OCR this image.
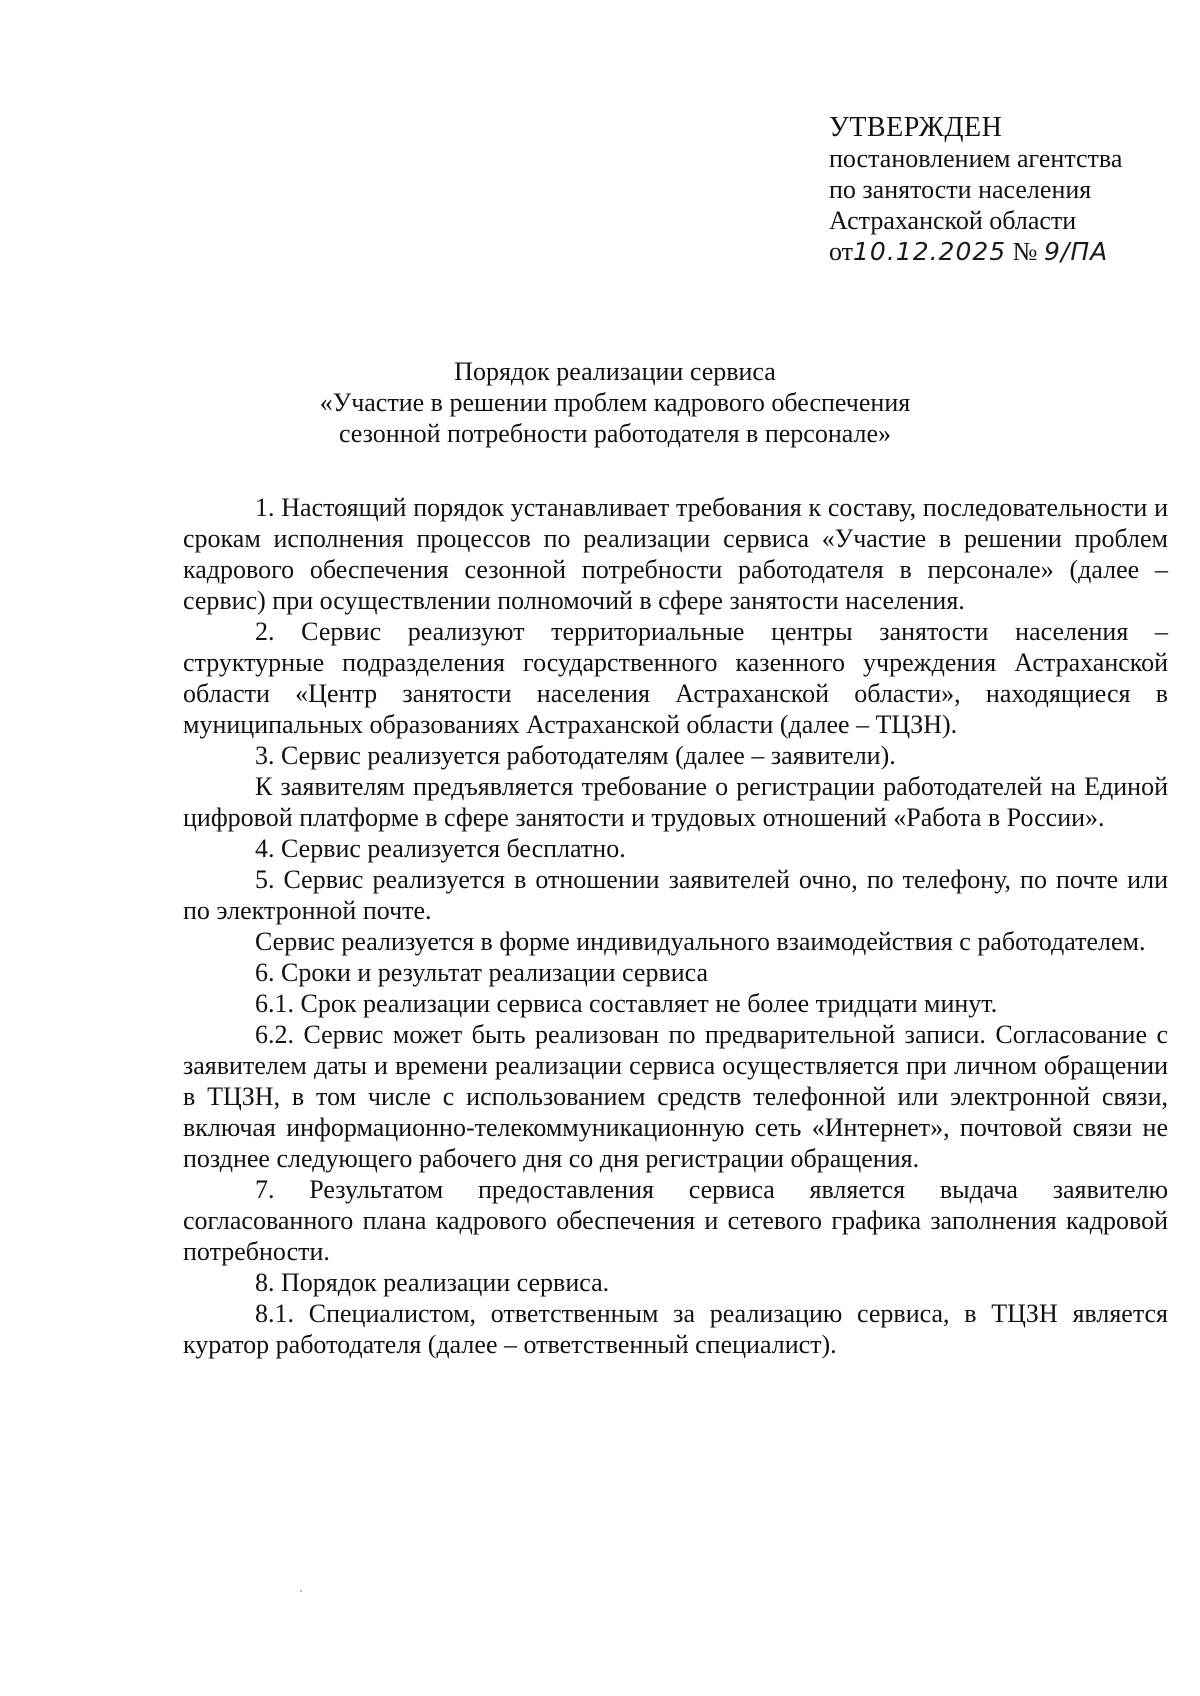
УТВЕРЖДЕН
постановлением агентства
по занятости населения
Астраханской области
от10.12.2025 № 9/ПА
Порядок реализации сервиса
«Участие в решении проблем кадрового обеспечения
сезонной потребности работодателя в персонале»

1. Настоящий порядок устанавливает требования к составу, последовательности и срокам исполнения процессов по реализации сервиса «Участие в решении проблем кадрового обеспечения сезонной потребности работодателя в персонале» (далее – сервис) при осуществлении полномочий в сфере занятости населения.

2. Сервис реализуют территориальные центры занятости населения – структурные подразделения государственного казенного учреждения Астраханской области «Центр занятости населения Астраханской области», находящиеся в муниципальных образованиях Астраханской области (далее – ТЦЗН).

3. Сервис реализуется работодателям (далее – заявители).

К заявителям предъявляется требование о регистрации работодателей на Единой цифровой платформе в сфере занятости и трудовых отношений «Работа в России».

4. Сервис реализуется бесплатно.

5. Сервис реализуется в отношении заявителей очно, по телефону, по почте или по электронной почте.

Сервис реализуется в форме индивидуального взаимодействия с работодателем.

6. Сроки и результат реализации сервиса

6.1. Срок реализации сервиса составляет не более тридцати минут.

6.2. Сервис может быть реализован по предварительной записи. Согласование с заявителем даты и времени реализации сервиса осуществляется при личном обращении в ТЦЗН, в том числе с использованием средств телефонной или электронной связи, включая информационно-телекоммуникационную сеть «Интернет», почтовой связи не позднее следующего рабочего дня со дня регистрации обращения.

7. Результатом предоставления сервиса является выдача заявителю согласованного плана кадрового обеспечения и сетевого графика заполнения кадровой потребности.

8. Порядок реализации сервиса.

8.1. Специалистом, ответственным за реализацию сервиса, в ТЦЗН является куратор работодателя (далее – ответственный специалист).
